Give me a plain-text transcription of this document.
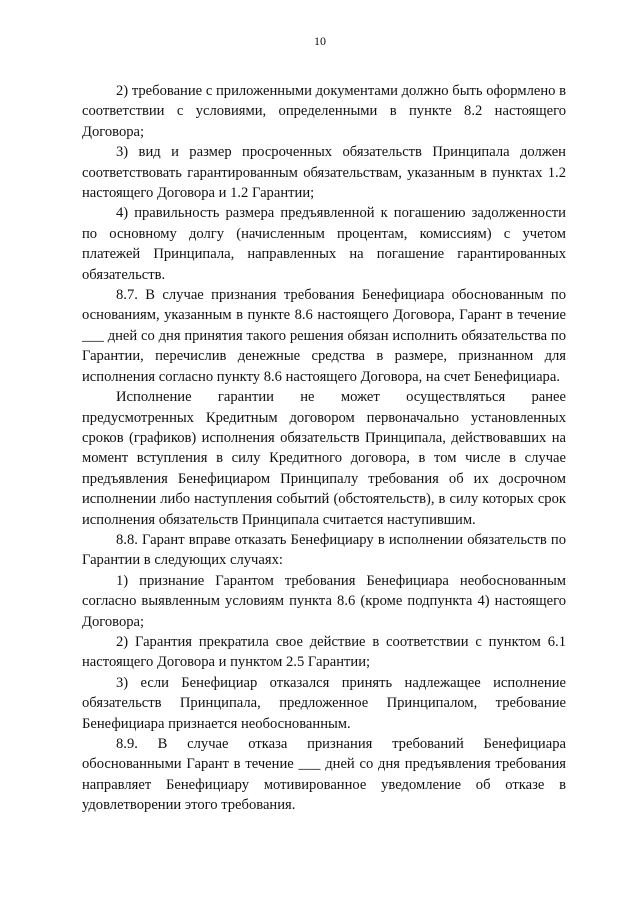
10

2) требование с приложенными документами должно быть оформлено в соответствии с условиями, определенными в пункте 8.2 настоящего Договора;

3) вид и размер просроченных обязательств Принципала должен соответствовать гарантированным обязательствам, указанным в пунктах 1.2 настоящего Договора и 1.2 Гарантии;

4) правильность размера предъявленной к погашению задолженности по основному долгу (начисленным процентам, комиссиям) с учетом платежей Принципала, направленных на погашение гарантированных обязательств.

8.7. В случае признания требования Бенефициара обоснованным по основаниям, указанным в пункте 8.6 настоящего Договора, Гарант в течение ___ дней со дня принятия такого решения обязан исполнить обязательства по Гарантии, перечислив денежные средства в размере, признанном для исполнения согласно пункту 8.6 настоящего Договора, на счет Бенефициара.

Исполнение гарантии не может осуществляться ранее предусмотренных Кредитным договором первоначально установленных сроков (графиков) исполнения обязательств Принципала, действовавших на момент вступления в силу Кредитного договора, в том числе в случае предъявления Бенефициаром Принципалу требования об их досрочном исполнении либо наступления событий (обстоятельств), в силу которых срок исполнения обязательств Принципала считается наступившим.

8.8. Гарант вправе отказать Бенефициару в исполнении обязательств по Гарантии в следующих случаях:

1) признание Гарантом требования Бенефициара необоснованным согласно выявленным условиям пункта 8.6 (кроме подпункта 4) настоящего Договора;

2) Гарантия прекратила свое действие в соответствии с пунктом 6.1 настоящего Договора и пунктом 2.5 Гарантии;

3) если Бенефициар отказался принять надлежащее исполнение обязательств Принципала, предложенное Принципалом, требование Бенефициара признается необоснованным.

8.9. В случае отказа признания требований Бенефициара обоснованными Гарант в течение ___ дней со дня предъявления требования направляет Бенефициару мотивированное уведомление об отказе в удовлетворении этого требования.
